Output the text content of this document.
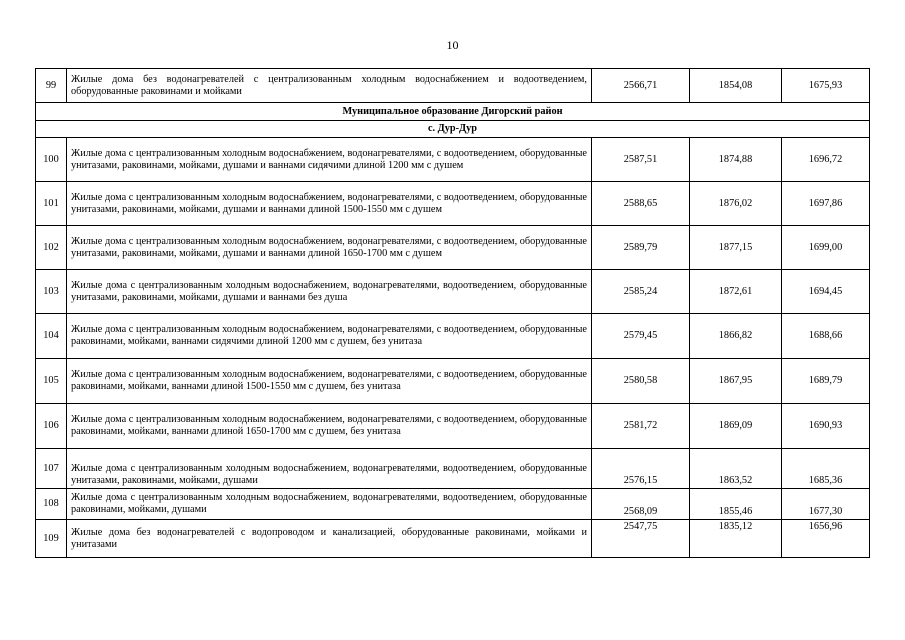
10
99	Жилые дома без водонагревателей с централизованным холодным водоснабжением и водоотведением, оборудованные раковинами и мойками	2566,71	1854,08	1675,93
Муниципальное образование Дигорский район				
с. Дур-Дур				
100	Жилые дома с централизованным холодным водоснабжением, водонагревателями, с водоотведением, оборудованные унитазами, раковинами, мойками, душами и ваннами сидячими длиной 1200 мм с душем	2587,51	1874,88	1696,72
101	Жилые дома с централизованным холодным водоснабжением, водонагревателями, с водоотведением, оборудованные унитазами, раковинами, мойками, душами и ваннами длиной 1500-1550 мм с душем	2588,65	1876,02	1697,86
102	Жилые дома с централизованным холодным водоснабжением, водонагревателями, с водоотведением, оборудованные унитазами, раковинами, мойками, душами и ваннами длиной 1650-1700 мм с душем	2589,79	1877,15	1699,00
103	Жилые дома с централизованным холодным водоснабжением, водонагревателями, водоотведением, оборудованные унитазами, раковинами, мойками, душами и ваннами без душа	2585,24	1872,61	1694,45
104	Жилые дома с централизованным холодным водоснабжением, водонагревателями, с водоотведением, оборудованные раковинами, мойками, ваннами сидячими длиной 1200 мм с душем, без унитаза	2579,45	1866,82	1688,66
105	Жилые дома с централизованным холодным водоснабжением, водонагревателями, с водоотведением, оборудованные раковинами, мойками, ваннами длиной 1500-1550 мм с душем, без унитаза	2580,58	1867,95	1689,79
106	Жилые дома с централизованным холодным водоснабжением, водонагревателями, с водоотведением, оборудованные раковинами, мойками, ваннами длиной 1650-1700 мм с душем, без унитаза	2581,72	1869,09	1690,93
107	Жилые дома с централизованным холодным водоснабжением, водонагревателями, водоотведением, оборудованные унитазами, раковинами, мойками, душами	2576,15	1863,52	1685,36
108	Жилые дома с централизованным холодным водоснабжением, водонагревателями, водоотведением, оборудованные раковинами, мойками, душами	2568,09	1855,46	1677,30
109	Жилые дома без водонагревателей с водопроводом и канализацией, оборудованные раковинами, мойками и унитазами	2547,75	1835,12	1656,96
